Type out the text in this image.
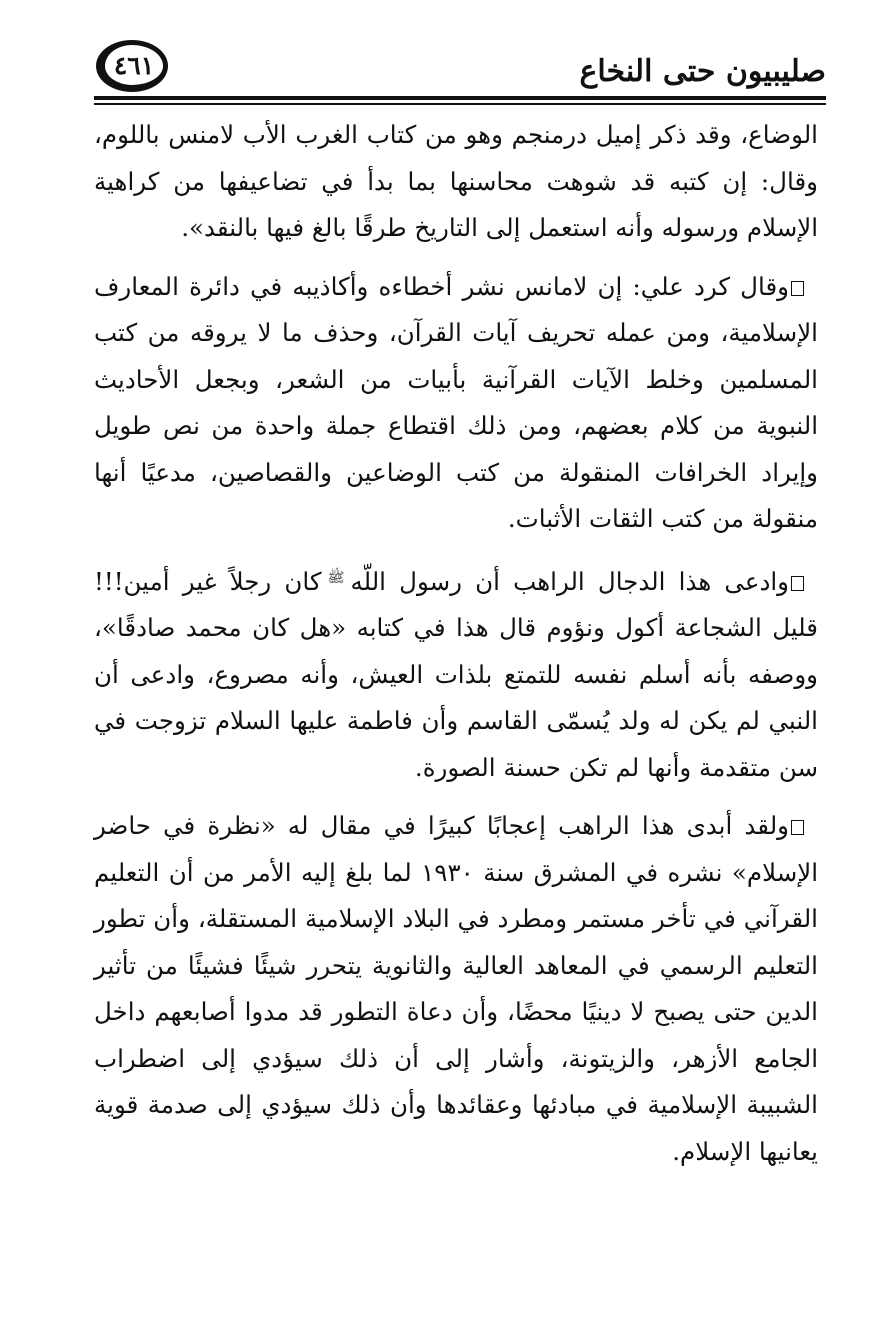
صليبيون حتى النخاع
٤٦١

الوضاع، وقد ذكر إميل درمنجم وهو من كتاب الغرب الأب لامنس باللوم، وقال: إن كتبه قد شوهت محاسنها بما بدأ في تضاعيفها من كراهية الإسلام ورسوله وأنه استعمل إلى التاريخ طرقًا بالغ فيها بالنقد».

وقال كرد علي: إن لامانس نشر أخطاءه وأكاذيبه في دائرة المعارف الإسلامية، ومن عمله تحريف آيات القرآن، وحذف ما لا يروقه من كتب المسلمين وخلط الآيات القرآنية بأبيات من الشعر، وبجعل الأحاديث النبوية من كلام بعضهم، ومن ذلك اقتطاع جملة واحدة من نص طويل وإيراد الخرافات المنقولة من كتب الوضاعين والقصاصين، مدعيًا أنها منقولة من كتب الثقات الأثبات.

وادعى هذا الدجال الراهب أن رسول اللّه$^ﷺ$كان رجلاً غير أمين!!! قليل الشجاعة أكول ونؤوم قال هذا في كتابه «هل كان محمد صادقًا»، ووصفه بأنه أسلم نفسه للتمتع بلذات العيش، وأنه مصروع، وادعى أن النبي لم يكن له ولد يُسمّى القاسم وأن فاطمة عليها السلام تزوجت في سن متقدمة وأنها لم تكن حسنة الصورة.

ولقد أبدى هذا الراهب إعجابًا كبيرًا في مقال له «نظرة في حاضر الإسلام» نشره في المشرق سنة ١٩٣٠ لما بلغ إليه الأمر من أن التعليم القرآني في تأخر مستمر ومطرد في البلاد الإسلامية المستقلة، وأن تطور التعليم الرسمي في المعاهد العالية والثانوية يتحرر شيئًا فشيئًا من تأثير الدين حتى يصبح لا دينيًا محضًا، وأن دعاة التطور قد مدوا أصابعهم داخل الجامع الأزهر، والزيتونة، وأشار إلى أن ذلك سيؤدي إلى اضطراب الشبيبة الإسلامية في مبادئها وعقائدها وأن ذلك سيؤدي إلى صدمة قوية يعانيها الإسلام.
